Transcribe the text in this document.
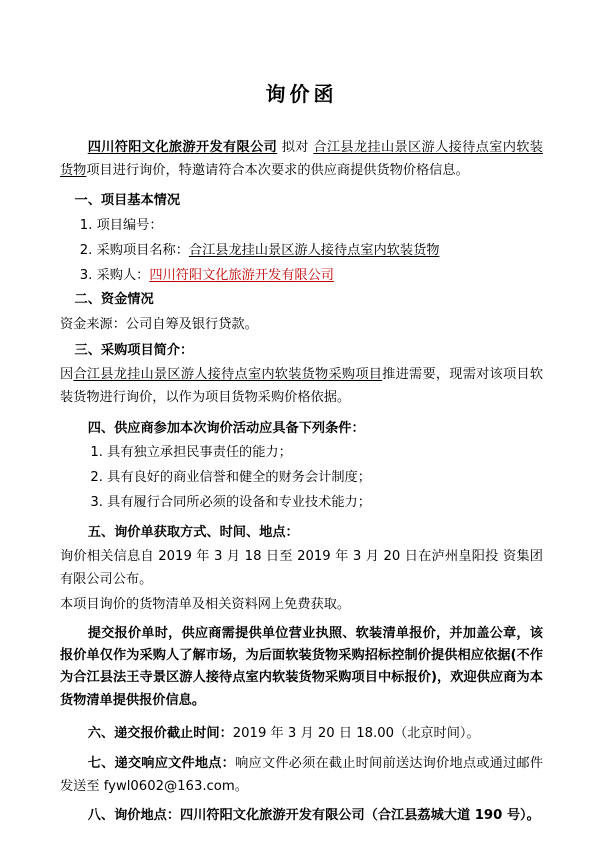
询价函

四川符阳文化旅游开发有限公司 拟对 合江县龙挂山景区游人接待点室内软装货物项目进行询价，特邀请符合本次要求的供应商提供货物价格信息。

一、项目基本情况

1. 项目编号：

2. 采购项目名称：合江县龙挂山景区游人接待点室内软装货物

3. 采购人：四川符阳文化旅游开发有限公司

二、资金情况

资金来源：公司自筹及银行贷款。

三、采购项目简介：

因合江县龙挂山景区游人接待点室内软装货物采购项目推进需要，现需对该项目软装货物进行询价，以作为项目货物采购价格依据。

四、供应商参加本次询价活动应具备下列条件：

1. 具有独立承担民事责任的能力；

2. 具有良好的商业信誉和健全的财务会计制度；

3. 具有履行合同所必须的设备和专业技术能力；

五、询价单获取方式、时间、地点：

询价相关信息自 2019 年 3 月 18 日至 2019 年 3 月 20 日在泸州皇阳投 资集团有限公司公布。

本项目询价的货物清单及相关资料网上免费获取。

提交报价单时，供应商需提供单位营业执照、软装清单报价，并加盖公章，该报价单仅作为采购人了解市场，为后面软装货物采购招标控制价提供相应依据(不作为合江县法王寺景区游人接待点室内软装货物采购项目中标报价)，欢迎供应商为本货物清单提供报价信息。

六、递交报价截止时间：2019 年 3 月 20 日 18.00（北京时间）。

七、递交响应文件地点：响应文件必须在截止时间前送达询价地点或通过邮件发送至 fywl0602@163.com。

八、询价地点：四川符阳文化旅游开发有限公司（合江县荔城大道 190 号）。
